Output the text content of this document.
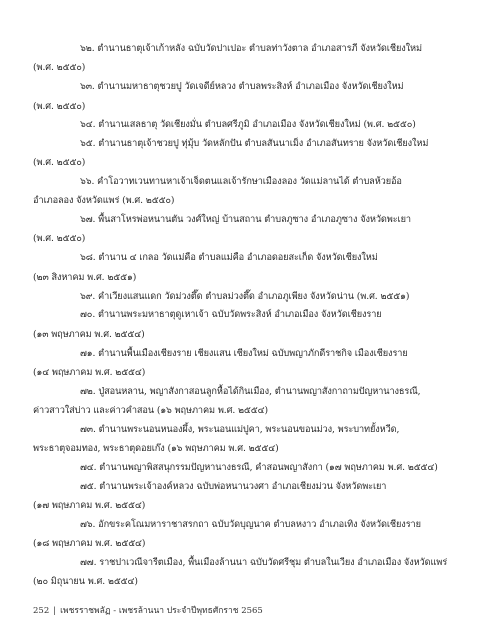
๖๒. ตำนานธาตุเจ้าเก้าหลัง ฉบับวัดปาเปอะ ตำบลท่าวังตาล อำเภอสารภี จังหวัดเชียงใหม่
(พ.ศ. ๒๕๕๐)
๖๓. ตำนานมหาธาตุชวยปู วัดเจดีย์หลวง ตำบลพระสิงห์ อำเภอเมือง จังหวัดเชียงใหม่
(พ.ศ. ๒๕๕๐)
๖๔. ตำนานเสลธาตุ วัดเชียงมั่น ตำบลศรีภูมิ อำเภอเมือง จังหวัดเชียงใหม่ (พ.ศ. ๒๕๕๐)
๖๕. ตำนานธาตุเจ้าชวยปู ทุ่มุ้บ วัดหลักปัน ตำบลสันนาเม็ง อำเภอสันทราย จังหวัดเชียงใหม่
(พ.ศ. ๒๕๕๐)
๖๖. คำโอวาทเวนทานหาเจ้าเจ็ดตนแลเจ้ารักษาเมืองลอง วัดแม่ลานได้ ตำบลห้วยอ้อ
อำเภอลอง จังหวัดแพร่ (พ.ศ. ๒๕๕๐)
๖๗. พื้นสาโหรพ่อหนานตัน วงศ์ใหญ่ บ้านสถาน ตำบลภูซาง อำเภอภูซาง จังหวัดพะเยา
(พ.ศ. ๒๕๕๐)
๖๘. ตำนาน ๔ เกลอ วัดแม่คือ ตำบลแม่คือ อำเภอดอยสะเก็ด จังหวัดเชียงใหม่
(๒๓ สิงหาคม พ.ศ. ๒๕๕๑)
๖๙. คำเวียงแสนแดก วัดม่วงตึ๊ด ตำบลม่วงตึ๊ด อำเภอภูเพียง จังหวัดน่าน (พ.ศ. ๒๕๕๑)
๗๐. ตำนานพระมหาธาตุดูเหาเจ้า ฉบับวัดพระสิงห์ อำเภอเมือง จังหวัดเชียงราย
(๑๓ พฤษภาคม พ.ศ. ๒๕๕๔)
๗๑. ตำนานพื้นเมืองเชียงราย เชียงแสน เชียงใหม่ ฉบับพญาภักดีราชกิจ เมืองเชียงราย
(๑๔ พฤษภาคม พ.ศ. ๒๕๕๔)
๗๒. ปู่สอนหลาน, พญาสังกาสอนลูกหื้อได้กินเมือง, ตำนานพญาสังกาถามปัญหานางธรณี,
ค่าวสาวใส่บ่าว และค่าวคำสอน (๑๖ พฤษภาคม พ.ศ. ๒๕๕๔)
๗๓. ตำนานพระนอนหนองผึ้ง, พระนอนแม่ปูคา, พระนอนขอนม่วง, พระบาทยั้งหวีด,
พระธาตุจอมทอง, พระธาตุดอยเก๊ง (๑๖ พฤษภาคม พ.ศ. ๒๕๕๔)
๗๔. ตำนานพญาพิสสนุกรรมปัญหานางธรณี, คำสอนพญาสังกา (๑๗ พฤษภาคม พ.ศ. ๒๕๕๔)
๗๕. ตำนานพระเจ้าองค์หลวง ฉบับพ่อหนานวงศา อำเภอเชียงม่วน จังหวัดพะเยา
(๑๗ พฤษภาคม พ.ศ. ๒๕๕๔)
๗๖. อักขระคโณมหาราชาสรกถา ฉบับวัดบุญนาค ตำบลหงาว อำเภอเทิง จังหวัดเชียงราย
(๑๘ พฤษภาคม พ.ศ. ๒๕๕๔)
๗๗. ราชปาเวณีจารีตเมือง, พื้นเมืองล้านนา ฉบับวัดศรีชุม ตำบลในเวียง อำเภอเมือง จังหวัดแพร่
(๒๐ มิถุนายน พ.ศ. ๒๕๕๔)
252 | เพชรราชพลัฏ - เพชรล้านนา ประจำปีพุทธศักราช 2565
